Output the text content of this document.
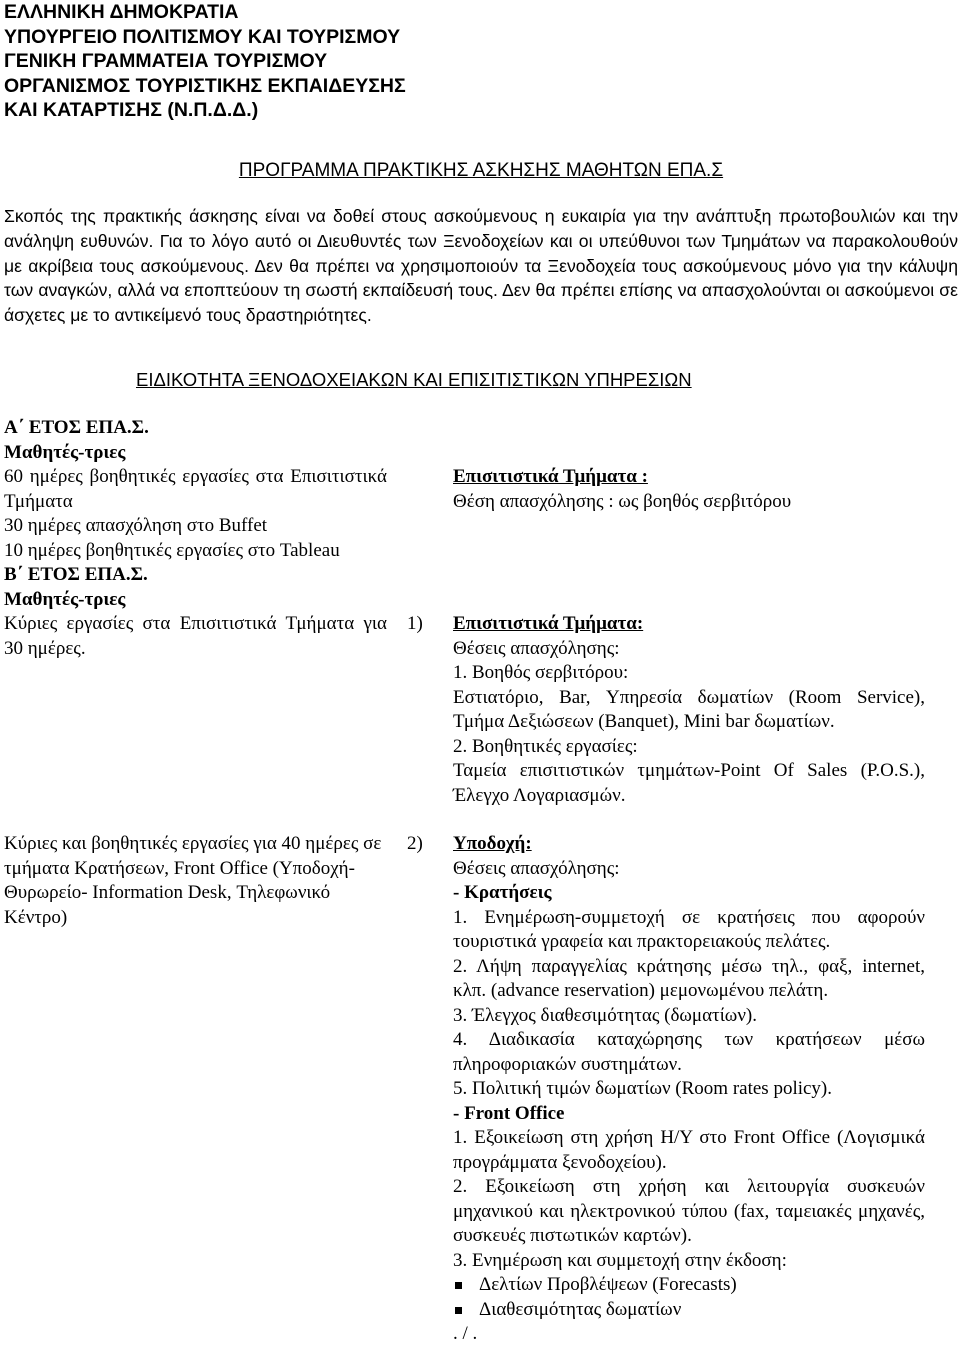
ΕΛΛΗΝΙΚΗ ΔΗΜΟΚΡΑΤΙΑ
ΥΠΟΥΡΓΕΙΟ ΠΟΛΙΤΙΣΜΟΥ ΚΑΙ ΤΟΥΡΙΣΜΟΥ
ΓΕΝΙΚΗ ΓΡΑΜΜΑΤΕΙΑ ΤΟΥΡΙΣΜΟΥ
ΟΡΓΑΝΙΣΜΟΣ ΤΟΥΡΙΣΤΙΚΗΣ ΕΚΠΑΙΔΕΥΣΗΣ
ΚΑΙ ΚΑΤΑΡΤΙΣΗΣ (Ν.Π.Δ.Δ.)
ΠΡΟΓΡΑΜΜΑ ΠΡΑΚΤΙΚΗΣ ΑΣΚΗΣΗΣ ΜΑΘΗΤΩΝ ΕΠΑ.Σ

Σκοπός της πρακτικής άσκησης είναι να δοθεί στους ασκούμενους η ευκαιρία για την ανάπτυξη πρωτοβουλιών και την ανάληψη ευθυνών. Για το λόγο αυτό οι Διευθυντές των Ξενοδοχείων και οι υπεύθυνοι των Τμημάτων να παρακολουθούν με ακρίβεια τους ασκούμενους. Δεν θα πρέπει να χρησιμοποιούν τα Ξενοδοχεία τους ασκούμενους μόνο για την κάλυψη των αναγκών, αλλά να εποπτεύουν τη σωστή εκπαίδευσή τους. Δεν θα πρέπει επίσης να απασχολούνται οι ασκούμενοι σε άσχετες με το αντικείμενό τους δραστηριότητες.

ΕΙΔΙΚΟΤΗΤΑ ΞΕΝΟΔΟΧΕΙΑΚΩΝ ΚΑΙ ΕΠΙΣΙΤΙΣΤΙΚΩΝ ΥΠΗΡΕΣΙΩΝ
Α΄ ΕΤΟΣ ΕΠΑ.Σ.
Μαθητές-τριες

60 ημέρες βοηθητικές εργασίες στα Επισιτιστικά Τμήματα

30 ημέρες απασχόληση στο Buffet

10 ημέρες βοηθητικές εργασίες στο Tableau

Β΄ ΕΤΟΣ ΕΠΑ.Σ.
Μαθητές-τριες

Κύριες εργασίες στα Επισιτιστικά Τμήματα για 30 ημέρες.

Επισιτιστικά Τμήματα :
Θέση απασχόλησης : ως βοηθός σερβιτόρου
1) Επισιτιστικά Τμήματα:
Θέσεις απασχόλησης:
1. Βοηθός σερβιτόρου:

Εστιατόριο, Bar, Υπηρεσία δωματίων (Room Service), Τμήμα Δεξιώσεων (Banquet), Mini bar δωματίων.

2. Βοηθητικές εργασίες:

Ταμεία επισιτιστικών τμημάτων-Point Of Sales (P.O.S.), Έλεγχο Λογαριασμών.

Κύριες και βοηθητικές εργασίες για 40 ημέρες σε τμήματα Κρατήσεων, Front Office (Υποδοχή-Θυρωρείο- Information Desk, Τηλεφωνικό Κέντρο)

2) Υποδοχή:
Θέσεις απασχόλησης:
- Κρατήσεις

1. Ενημέρωση-συμμετοχή σε κρατήσεις που αφορούν τουριστικά γραφεία και πρακτορειακούς πελάτες.

2. Λήψη παραγγελίας κράτησης μέσω τηλ., φαξ, internet, κλπ. (advance reservation) μεμονωμένου πελάτη.

3. Έλεγχος διαθεσιμότητας (δωματίων).

4. Διαδικασία καταχώρησης των κρατήσεων μέσω πληροφοριακών συστημάτων.

5. Πολιτική τιμών δωματίων (Room rates policy).

- Front Office

1. Εξοικείωση στη χρήση Η/Υ στο Front Office (Λογισμικά προγράμματα ξενοδοχείου).

2. Εξοικείωση στη χρήση και λειτουργία συσκευών μηχανικού και ηλεκτρονικού τύπου (fax, ταμειακές μηχανές, συσκευές πιστωτικών καρτών).

3. Ενημέρωση και συμμετοχή στην έκδοση:

Δελτίων Προβλέψεων (Forecasts)
Διαθεσιμότητας δωματίων
. / .
